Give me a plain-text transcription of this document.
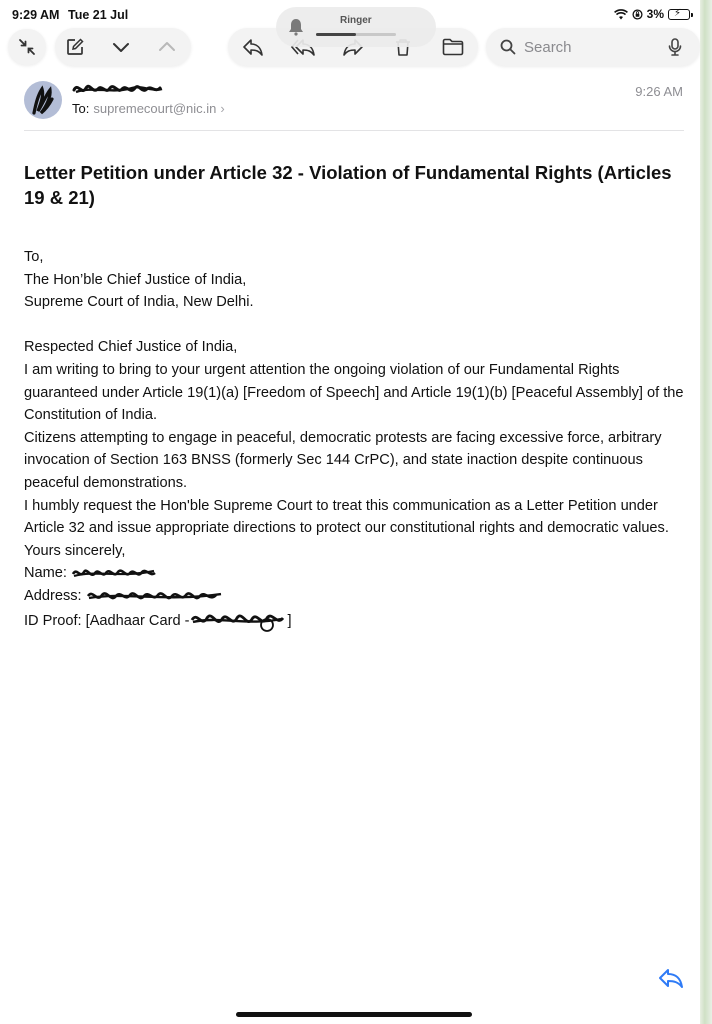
9:29 AM Tue 21 Jul	3% ⚡
Search
Ringer
To: supremecourt@nic.in ›
9:26 AM
Letter Petition under Article 32 - Violation of Fundamental Rights (Articles 19 & 21)

To,

The Hon’ble Chief Justice of India,

Supreme Court of India, New Delhi.

Respected Chief Justice of India,

I am writing to bring to your urgent attention the ongoing violation of our Fundamental Rights guaranteed under Article 19(1)(a) [Freedom of Speech] and Article 19(1)(b) [Peaceful Assembly] of the Constitution of India.

Citizens attempting to engage in peaceful, democratic protests are facing excessive force, arbitrary invocation of Section 163 BNSS (formerly Sec 144 CrPC), and state inaction despite continuous peaceful demonstrations.

I humbly request the Hon'ble Supreme Court to treat this communication as a Letter Petition under Article 32 and issue appropriate directions to protect our constitutional rights and democratic values.

Yours sincerely,

Name:

Address:

ID Proof: [Aadhaar Card -	]
